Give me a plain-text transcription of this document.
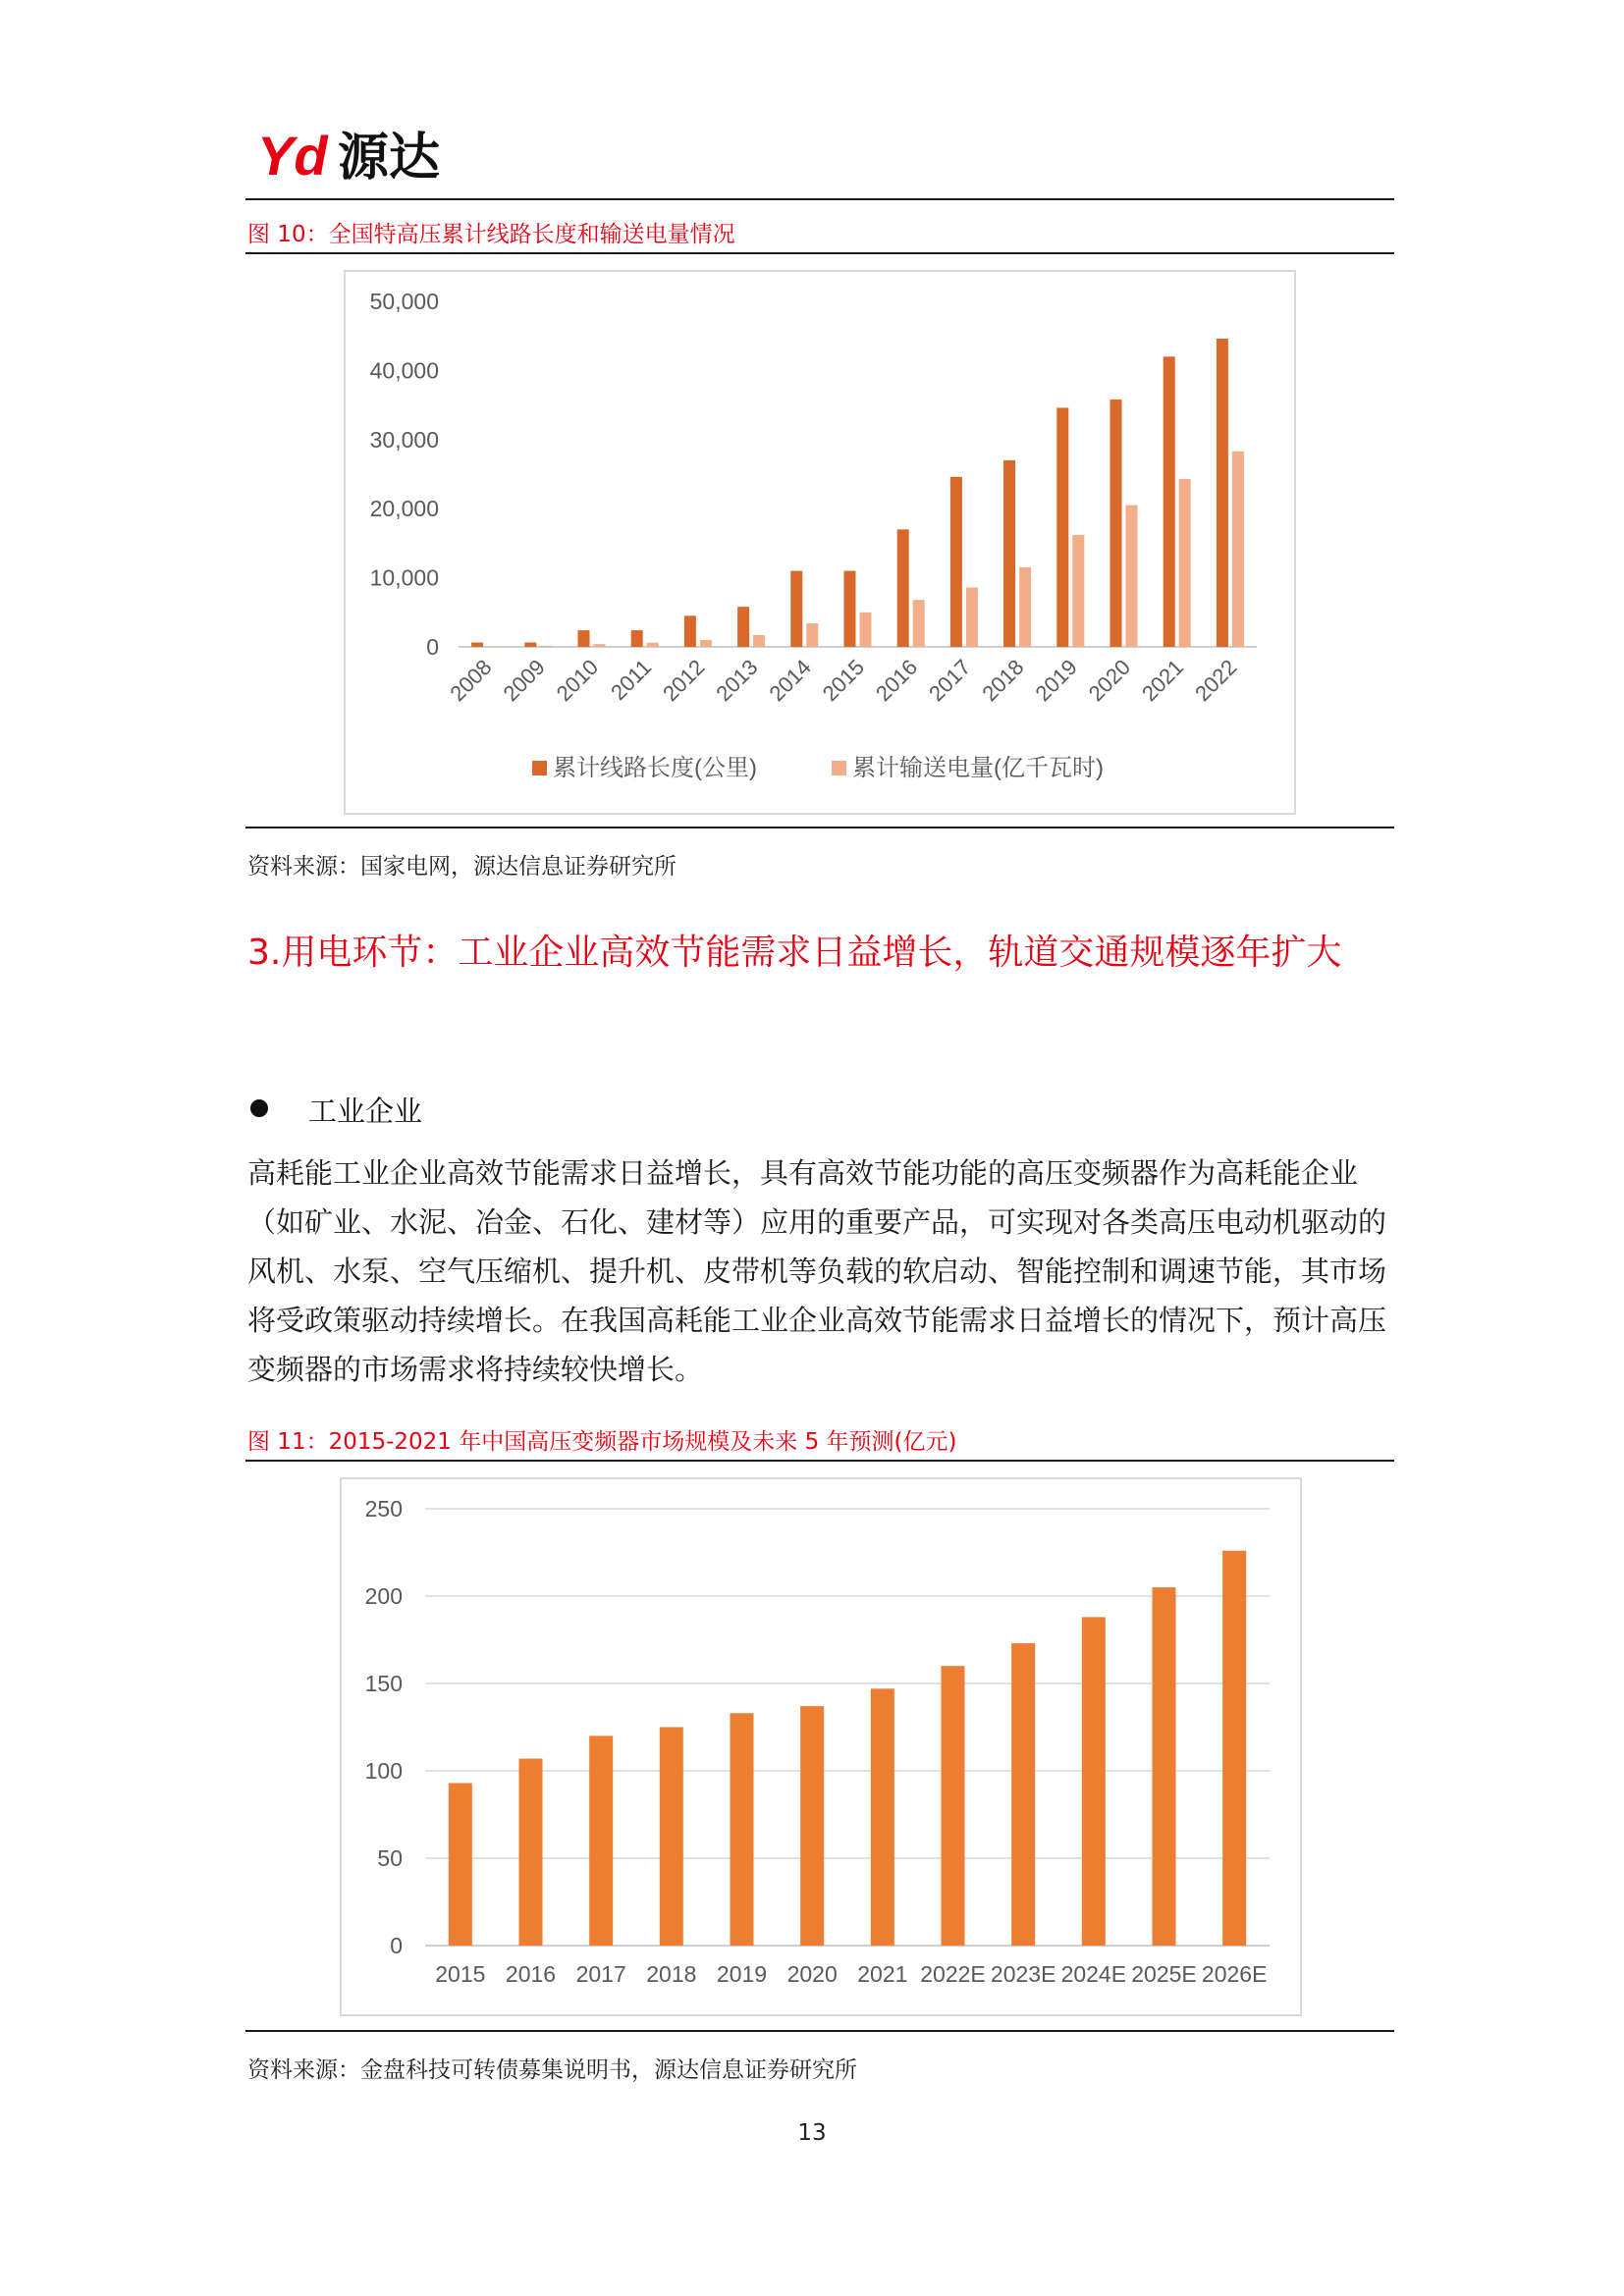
Yd 源达
图 10：全国特高压累计线路长度和输送电量情况
0
10,000
20,000
30,000
40,000
50,000
2008 2009 2010 2011 2012 2013 2014 2015 2016 2017 2018 2019 2020 2021 2022
累计线路长度(公里)	累计输送电量(亿千瓦时)
资料来源：国家电网，源达信息证券研究所
3.用电环节：工业企业高效节能需求日益增长，轨道交通规模逐年扩大
工业企业
高耗能工业企业高效节能需求日益增长，具有高效节能功能的高压变频器作为高耗能企业（如矿业、水泥、冶金、石化、建材等）应用的重要产品，可实现对各类高压电动机驱动的风机、水泵、空气压缩机、提升机、皮带机等负载的软启动、智能控制和调速节能，其市场将受政策驱动持续增长。在我国高耗能工业企业高效节能需求日益增长的情况下，预计高压变频器的市场需求将持续较快增长。
图 11：2015-2021 年中国高压变频器市场规模及未来 5 年预测(亿元)
0
50
100
150
200
250
2015 2016 2017 2018 2019 2020 2021 2022E 2023E 2024E 2025E 2026E
资料来源：金盘科技可转债募集说明书，源达信息证券研究所
13
